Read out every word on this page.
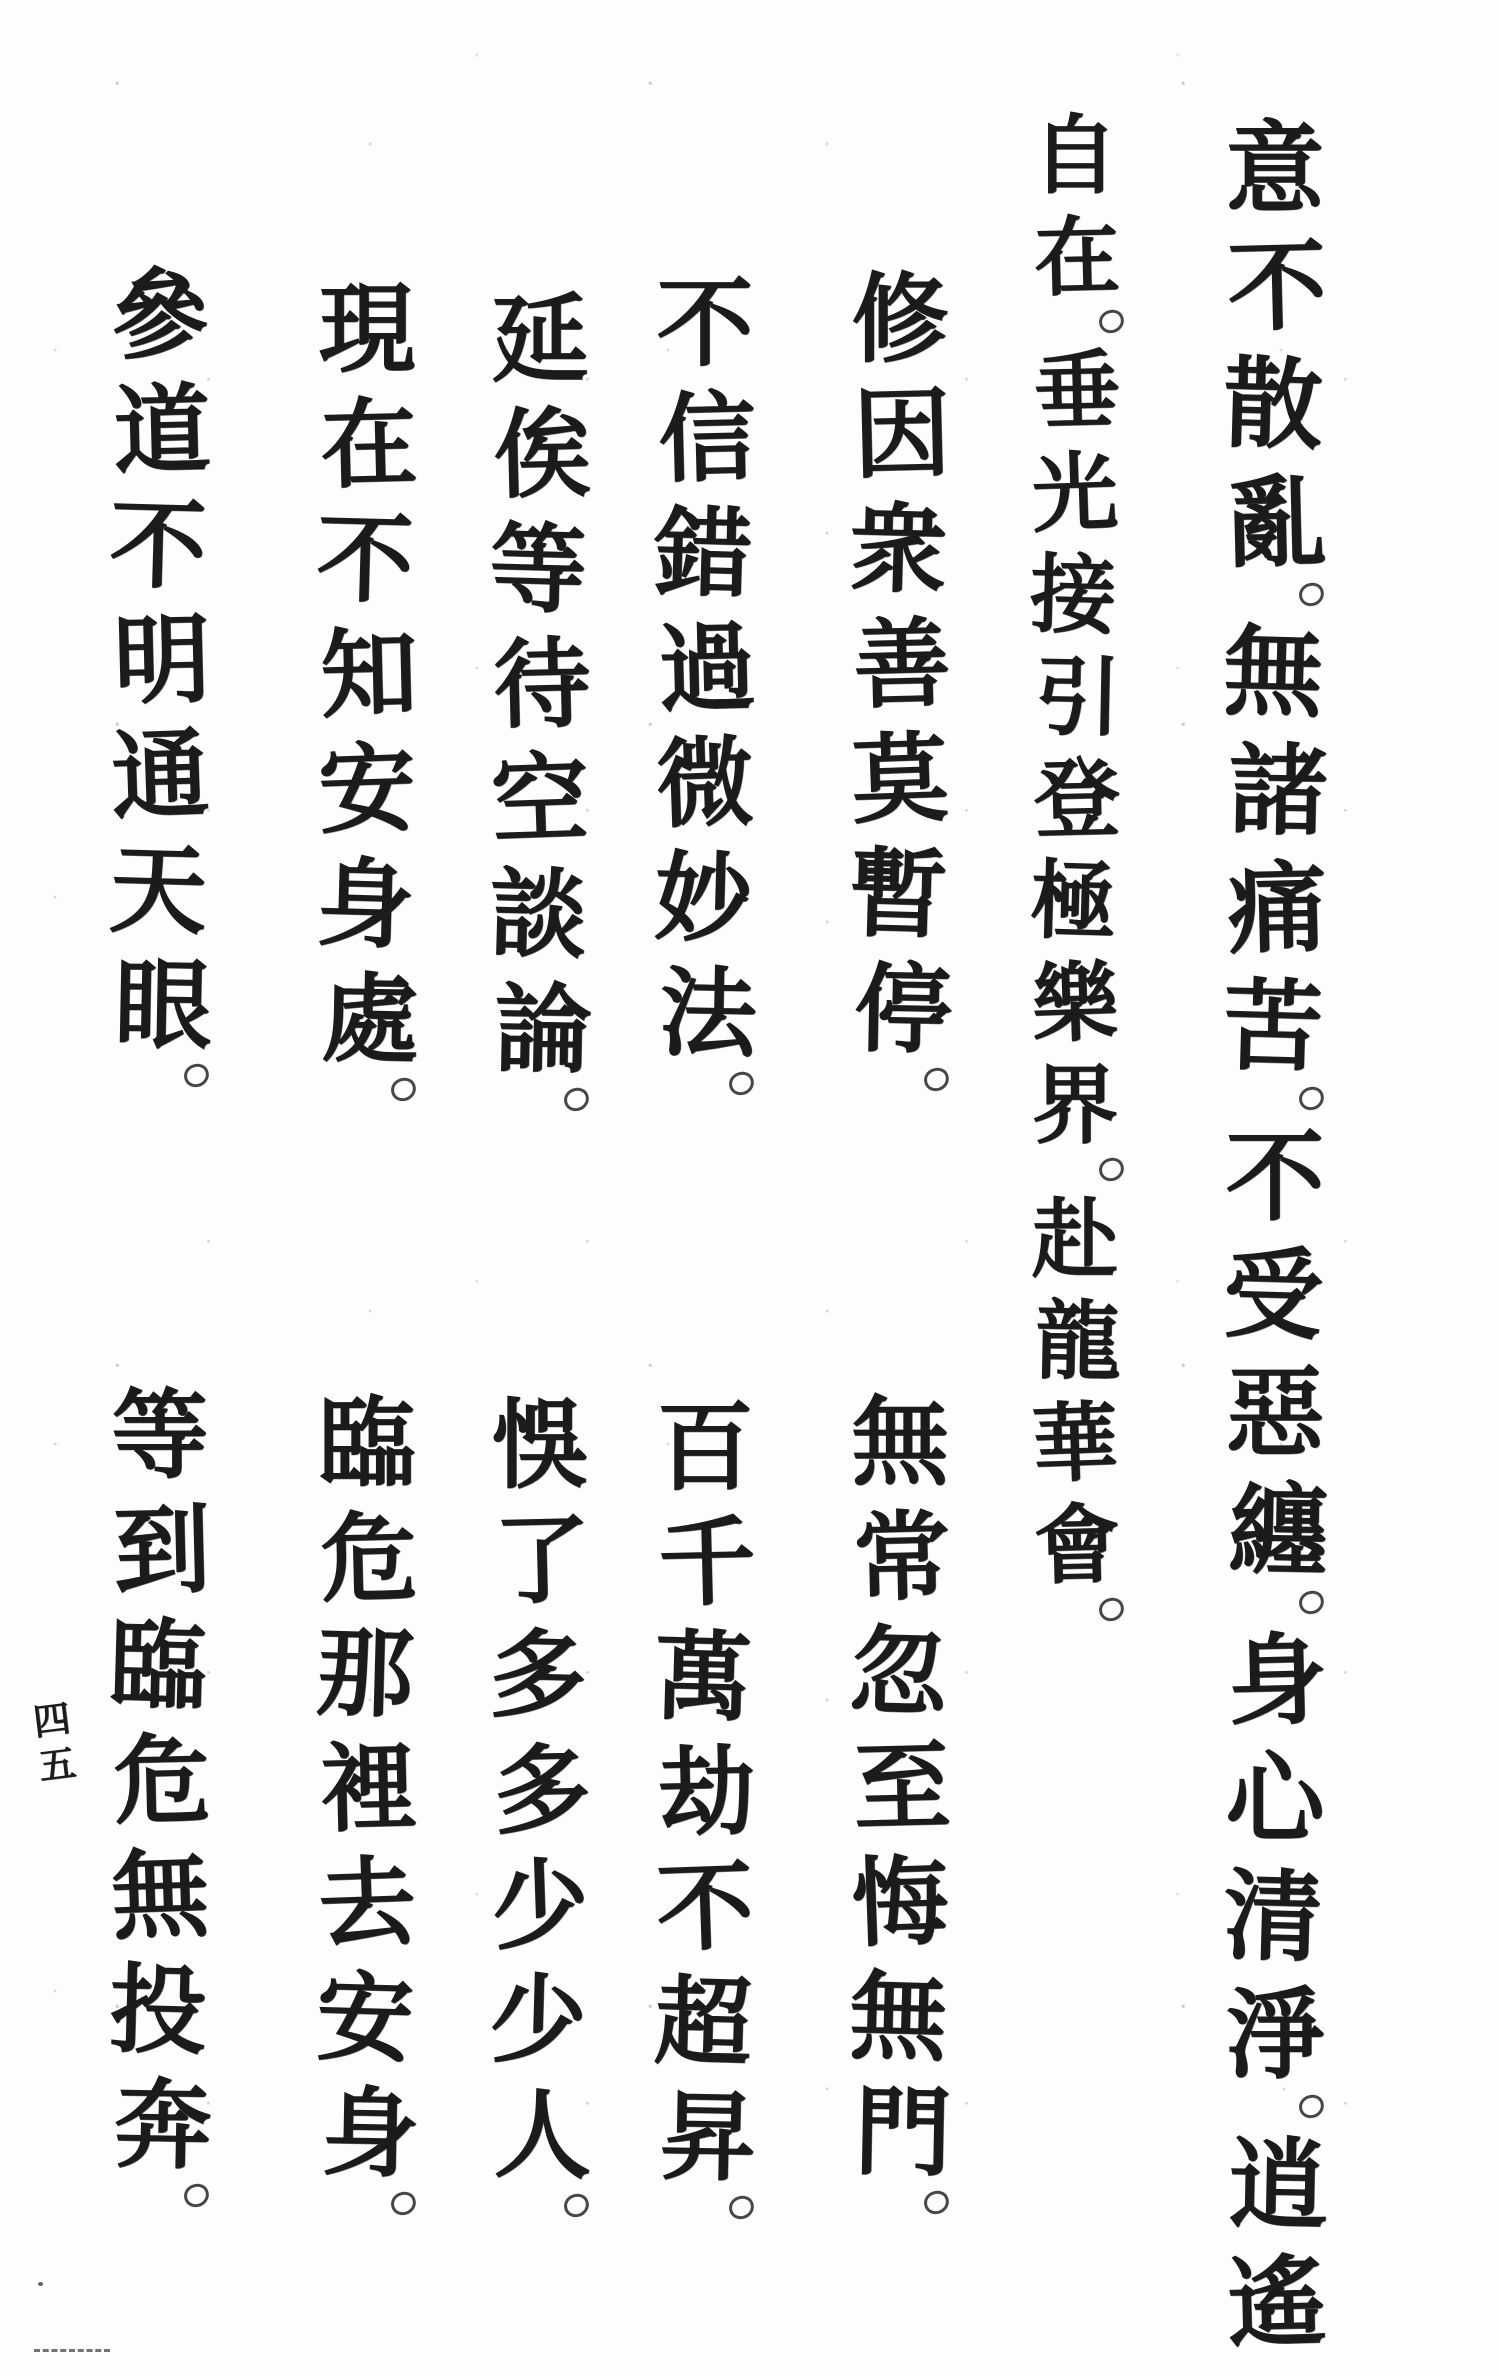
意
不
散
亂
無
諸
痛
苦
不
受
惡
纏
身
心
清
淨
逍
遙
自
在
垂
光
接
引
登
極
樂
界
赴
龍
華
會
修
因
衆
善
莫
暫
停
無
常
忽
至
悔
無
門
不
信
錯
過
微
妙
法
百
千
萬
劫
不
超
昇
延
俟
等
待
空
談
論
悞
了
多
多
少
少
人
現
在
不
知
安
身
處
臨
危
那
裡
去
安
身
參
道
不
明
通
天
眼
等
到
臨
危
無
投
奔
四五
